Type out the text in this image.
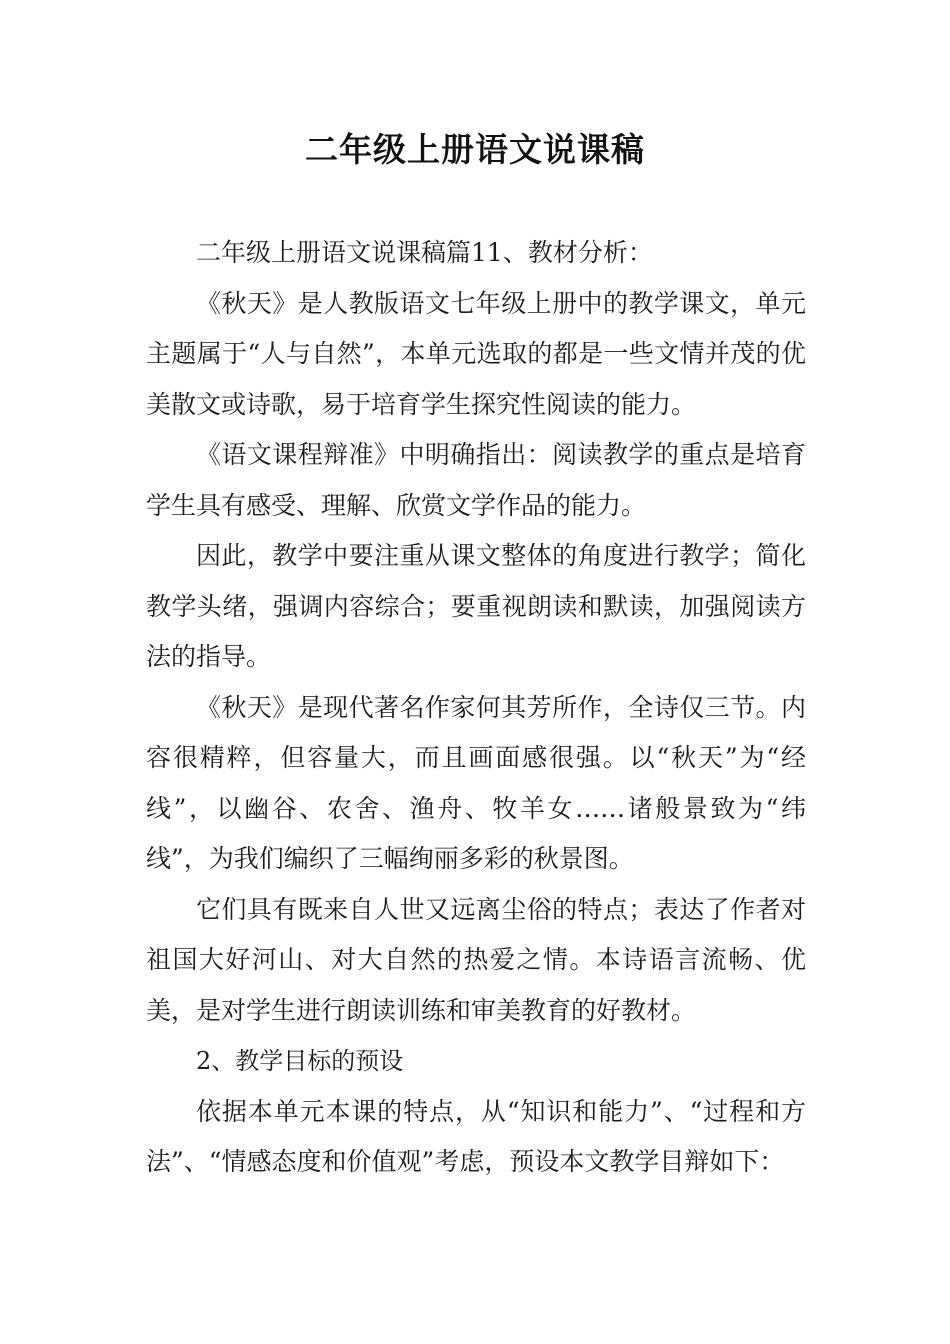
二年级上册语文说课稿

二年级上册语文说课稿篇11、教材分析：

《秋天》是人教版语文七年级上册中的教学课文，单元主题属于“人与自然”，本单元选取的都是一些文情并茂的优美散文或诗歌，易于培育学生探究性阅读的能力。

《语文课程辩准》中明确指出：阅读教学的重点是培育学生具有感受、理解、欣赏文学作品的能力。

因此，教学中要注重从课文整体的角度进行教学；简化教学头绪，强调内容综合；要重视朗读和默读，加强阅读方法的指导。

《秋天》是现代著名作家何其芳所作，全诗仅三节。内容很精粹，但容量大，而且画面感很强。以“秋天”为“经线”，以幽谷、农舍、渔舟、牧羊女……诸般景致为“纬线”，为我们编织了三幅绚丽多彩的秋景图。

它们具有既来自人世又远离尘俗的特点；表达了作者对祖国大好河山、对大自然的热爱之情。本诗语言流畅、优美，是对学生进行朗读训练和审美教育的好教材。

2、教学目标的预设

依据本单元本课的特点，从“知识和能力”、“过程和方法”、“情感态度和价值观”考虑，预设本文教学目辩如下：
